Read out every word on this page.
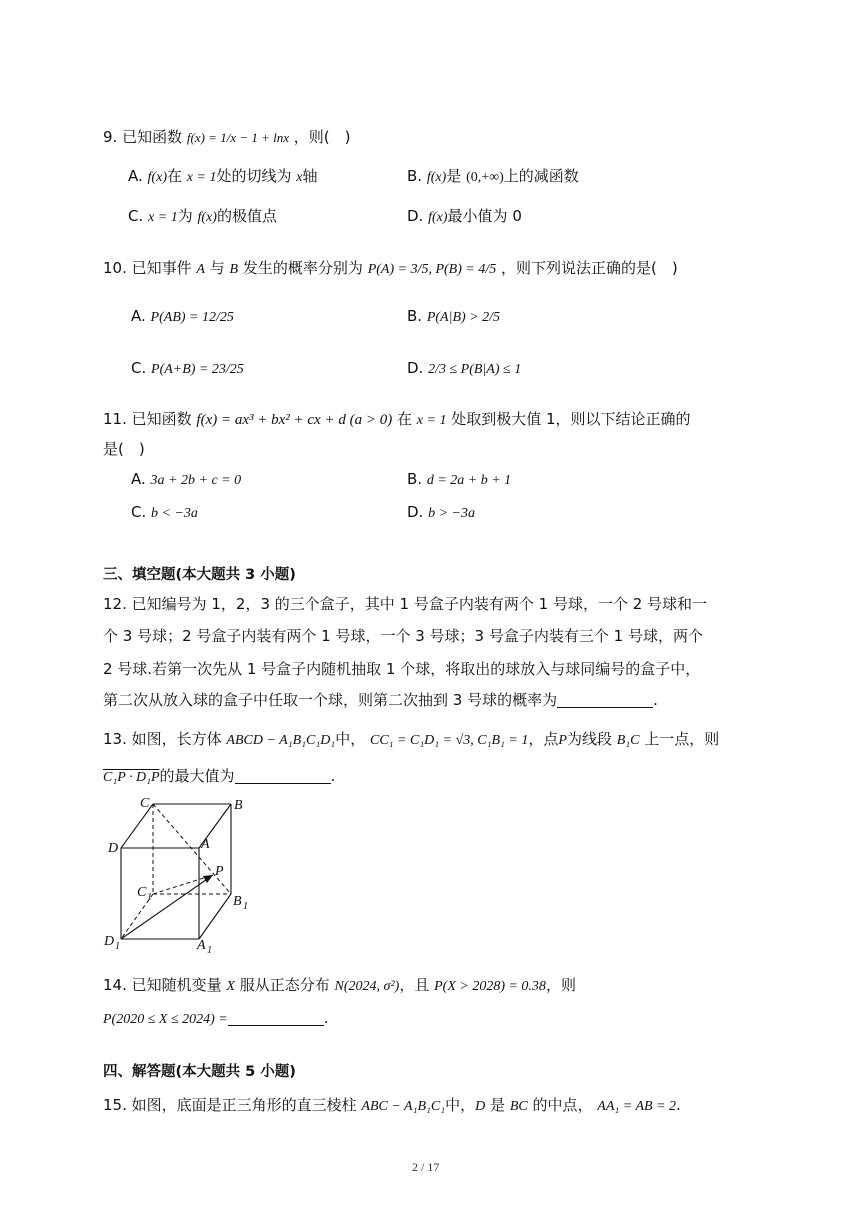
9. 已知函数 f(x) = 1/x − 1 + lnx ，则(　)
A. f(x)在 x = 1处的切线为 x轴	B. f(x)是 (0,+∞)上的减函数
C. x = 1为 f(x)的极值点	D. f(x)最小值为 0
10. 已知事件 A 与 B 发生的概率分别为 P(A) = 3/5, P(B) = 4/5 ，则下列说法正确的是(　)
A. P(AB) = 12/25	B. P(A|B) > 2/5
C. P(A+B) = 23/25	D. 2/3 ≤ P(B|A) ≤ 1
11. 已知函数 f(x) = ax³ + bx² + cx + d (a > 0) 在 x = 1 处取到极大值 1，则以下结论正确的
是(　)
A. 3a + 2b + c = 0	B. d = 2a + b + 1
C. b < −3a	D. b > −3a
三、填空题(本大题共 3 小题)
12. 已知编号为 1，2，3 的三个盒子，其中 1 号盒子内装有两个 1 号球，一个 2 号球和一
个 3 号球；2 号盒子内装有两个 1 号球，一个 3 号球；3 号盒子内装有三个 1 号球，两个
2 号球.若第一次先从 1 号盒子内随机抽取 1 个球，将取出的球放入与球同编号的盒子中，
第二次从放入球的盒子中任取一个球，则第二次抽到 3 号球的概率为	.
13. 如图，长方体 ABCD − A₁B₁C₁D₁中， CC₁ = C₁D₁ = √3, C₁B₁ = 1，点P为线段 B₁C 上一点，则
C₁P · D₁P的最大值为	.
C	B
D	A
P
C 1	B 1
D 1	A 1
14. 已知随机变量 X 服从正态分布 N(2024, σ²)，且 P(X > 2028) = 0.38，则
P(2020 ≤ X ≤ 2024) =	.
四、解答题(本大题共 5 小题)
15. 如图，底面是正三角形的直三棱柱 ABC − A₁B₁C₁中，D 是 BC 的中点， AA₁ = AB = 2.
2 / 17
